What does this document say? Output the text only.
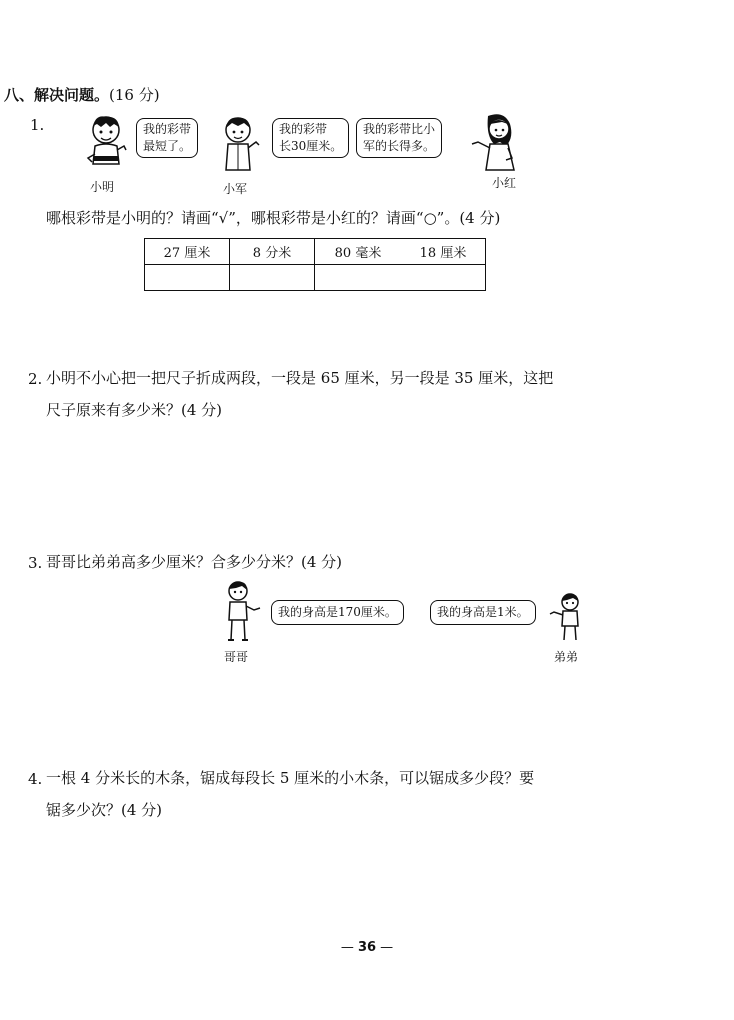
八、解决问题。(16 分)
1.	我的彩带
最短了。
小明
我的彩带
长30厘米。
小军
我的彩带比小
军的长得多。
小红
哪根彩带是小明的？请画“√”，哪根彩带是小红的？请画“○”。(4 分)
27 厘米	8 分米	80 毫米	18 厘米

2. 小明不小心把一把尺子折成两段，一段是 65 厘米，另一段是 35 厘米，这把
尺子原来有多少米？(4 分)
3. 哥哥比弟弟高多少厘米？合多少分米？(4 分)
我的身高是170厘米。
哥哥
我的身高是1米。
弟弟
4. 一根 4 分米长的木条，锯成每段长 5 厘米的小木条，可以锯成多少段？要
锯多少次？(4 分)
— 36 —
